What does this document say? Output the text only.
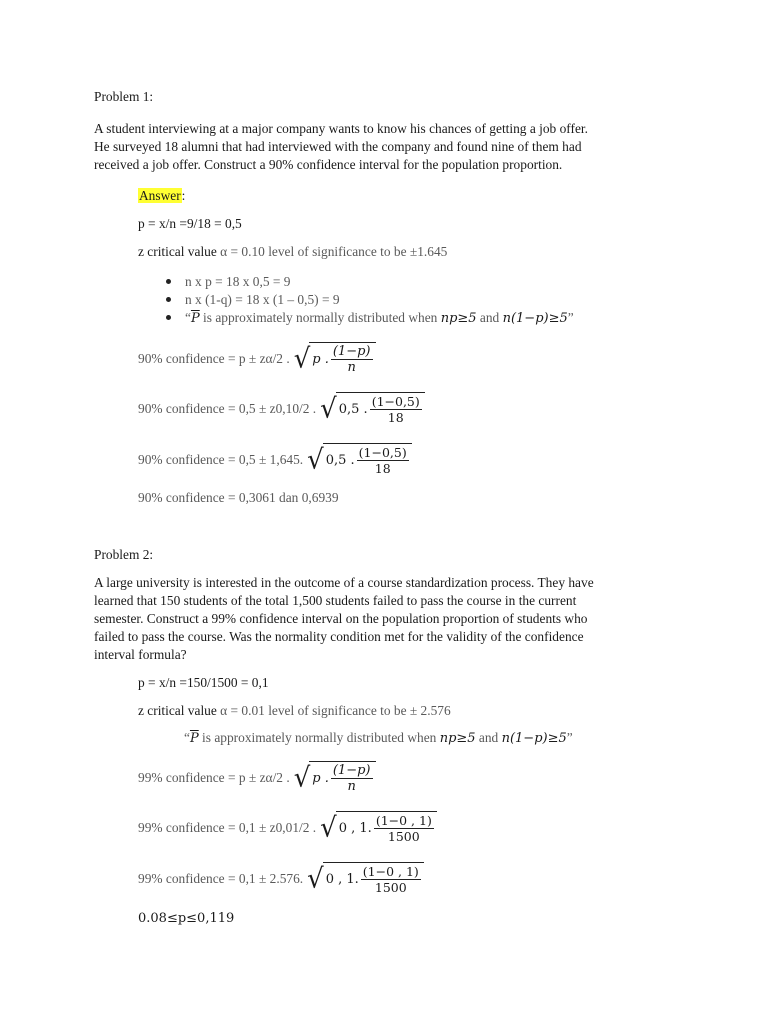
Problem 1:
A student interviewing at a major company wants to know his chances of getting a job offer.
He surveyed 18 alumni that had interviewed with the company and found nine of them had
received a job offer. Construct a 90% confidence interval for the population proportion.
Answer:
p = x/n =9/18 = 0,5
z critical value α = 0.10 level of significance to be ±1.645
n x p = 18 x 0,5 = 9
n x (1-q) = 18 x (1 – 0,5) = 9
“$\overline{P}$ is approximately normally distributed when np≥5 and n(1−p)≥5”
90% confidence = p ± zα/2 . √ p . $\frac{(1-p)}{n}$
90% confidence = 0,5 ± z0,10/2 . √ 0,5 . $\frac{(1-0,5)}{18}$
90% confidence = 0,5 ± 1,645. √ 0,5 . $\frac{(1-0,5)}{18}$
90% confidence = 0,3061 dan 0,6939
Problem 2:
A large university is interested in the outcome of a course standardization process. They have
learned that 150 students of the total 1,500 students failed to pass the course in the current
semester. Construct a 99% confidence interval on the population proportion of students who
failed to pass the course. Was the normality condition met for the validity of the confidence
interval formula?
p = x/n =150/1500 = 0,1
z critical value α = 0.01 level of significance to be ± 2.576
“$\overline{P}$ is approximately normally distributed when np≥5 and n(1−p)≥5”
99% confidence = p ± zα/2 . √ p . $\frac{(1-p)}{n}$
99% confidence = 0,1 ± z0,01/2 . √ 0 , 1. $\frac{(1-0 , 1)}{1500}$
99% confidence = 0,1 ± 2.576. √ 0 , 1. $\frac{(1-0 , 1)}{1500}$
0.08≤p≤0,119
